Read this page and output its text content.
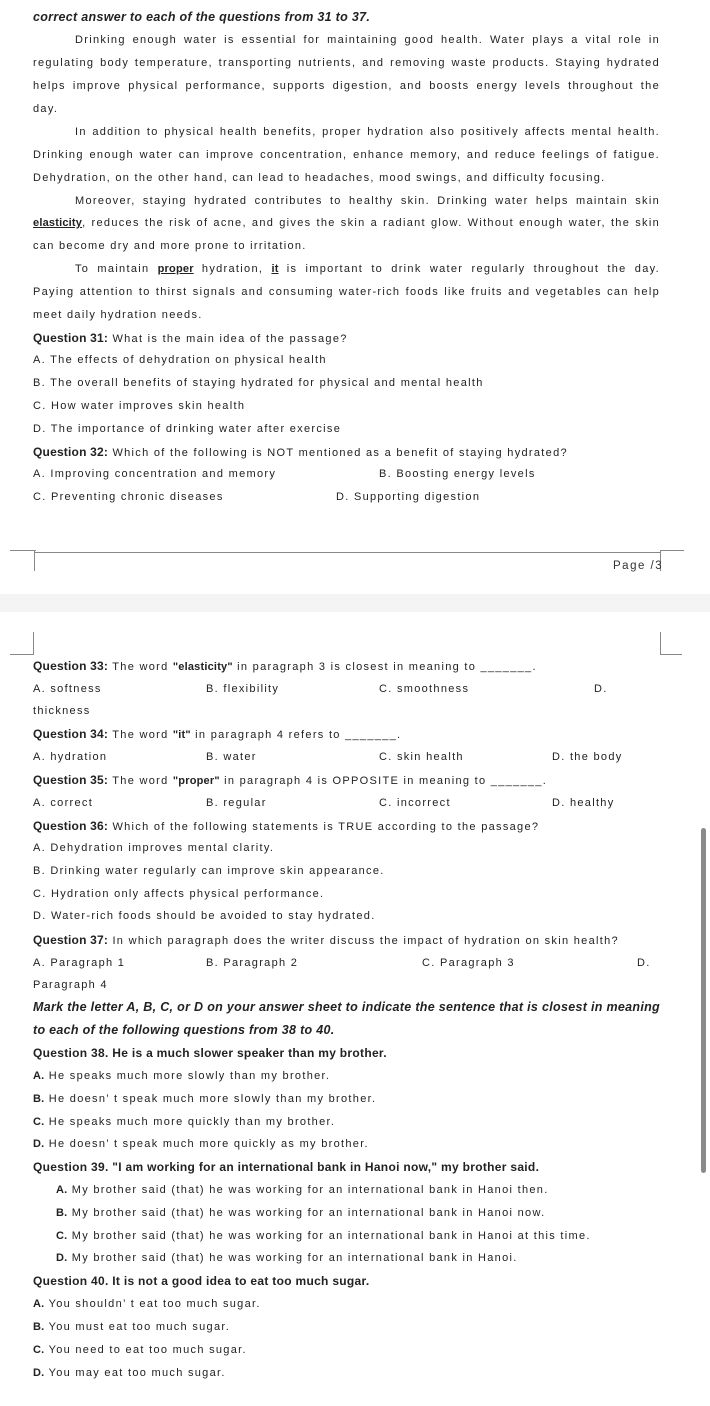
correct answer to each of the questions from 31 to 37.
Drinking enough water is essential for maintaining good health. Water plays a vital role in
regulating body temperature, transporting nutrients, and removing waste products. Staying hydrated
helps improve physical performance, supports digestion, and boosts energy levels throughout the
day.
In addition to physical health benefits, proper hydration also positively affects mental health.
Drinking enough water can improve concentration, enhance memory, and reduce feelings of fatigue.
Dehydration, on the other hand, can lead to headaches, mood swings, and difficulty focusing.
Moreover, staying hydrated contributes to healthy skin. Drinking water helps maintain skin
elasticity, reduces the risk of acne, and gives the skin a radiant glow. Without enough water, the skin
can become dry and more prone to irritation.
To maintain proper hydration, it is important to drink water regularly throughout the day.
Paying attention to thirst signals and consuming water-rich foods like fruits and vegetables can help
meet daily hydration needs.
Question 31: What is the main idea of the passage?
A. The effects of dehydration on physical health
B. The overall benefits of staying hydrated for physical and mental health
C. How water improves skin health
D. The importance of drinking water after exercise
Question 32: Which of the following is NOT mentioned as a benefit of staying hydrated?
A. Improving concentration and memory	B. Boosting energy levels
C. Preventing chronic diseases	D. Supporting digestion
Page /3
Question 33: The word "elasticity" in paragraph 3 is closest in meaning to _______.
A. softness	B. flexibility	C. smoothness	D.
thickness
Question 34: The word "it" in paragraph 4 refers to _______.
A. hydration	B. water	C. skin health	D. the body
Question 35: The word "proper" in paragraph 4 is OPPOSITE in meaning to _______.
A. correct	B. regular	C. incorrect	D. healthy
Question 36: Which of the following statements is TRUE according to the passage?
A. Dehydration improves mental clarity.
B. Drinking water regularly can improve skin appearance.
C. Hydration only affects physical performance.
D. Water-rich foods should be avoided to stay hydrated.
Question 37: In which paragraph does the writer discuss the impact of hydration on skin health?
A. Paragraph 1	B. Paragraph 2	C. Paragraph 3	D.
Paragraph 4
Mark the letter A, B, C, or D on your answer sheet to indicate the sentence that is closest in meaning
to each of the following questions from 38 to 40.
Question 38. He is a much slower speaker than my brother.
A. He speaks much more slowly than my brother.
B. He doesn’ t speak much more slowly than my brother.
C. He speaks much more quickly than my brother.
D. He doesn’ t speak much more quickly as my brother.
Question 39. "I am working for an international bank in Hanoi now," my brother said.
A. My brother said (that) he was working for an international bank in Hanoi then.
B. My brother said (that) he was working for an international bank in Hanoi now.
C. My brother said (that) he was working for an international bank in Hanoi at this time.
D. My brother said (that) he was working for an international bank in Hanoi.
Question 40. It is not a good idea to eat too much sugar.
A. You shouldn’ t eat too much sugar.
B. You must eat too much sugar.
C. You need to eat too much sugar.
D. You may eat too much sugar.
